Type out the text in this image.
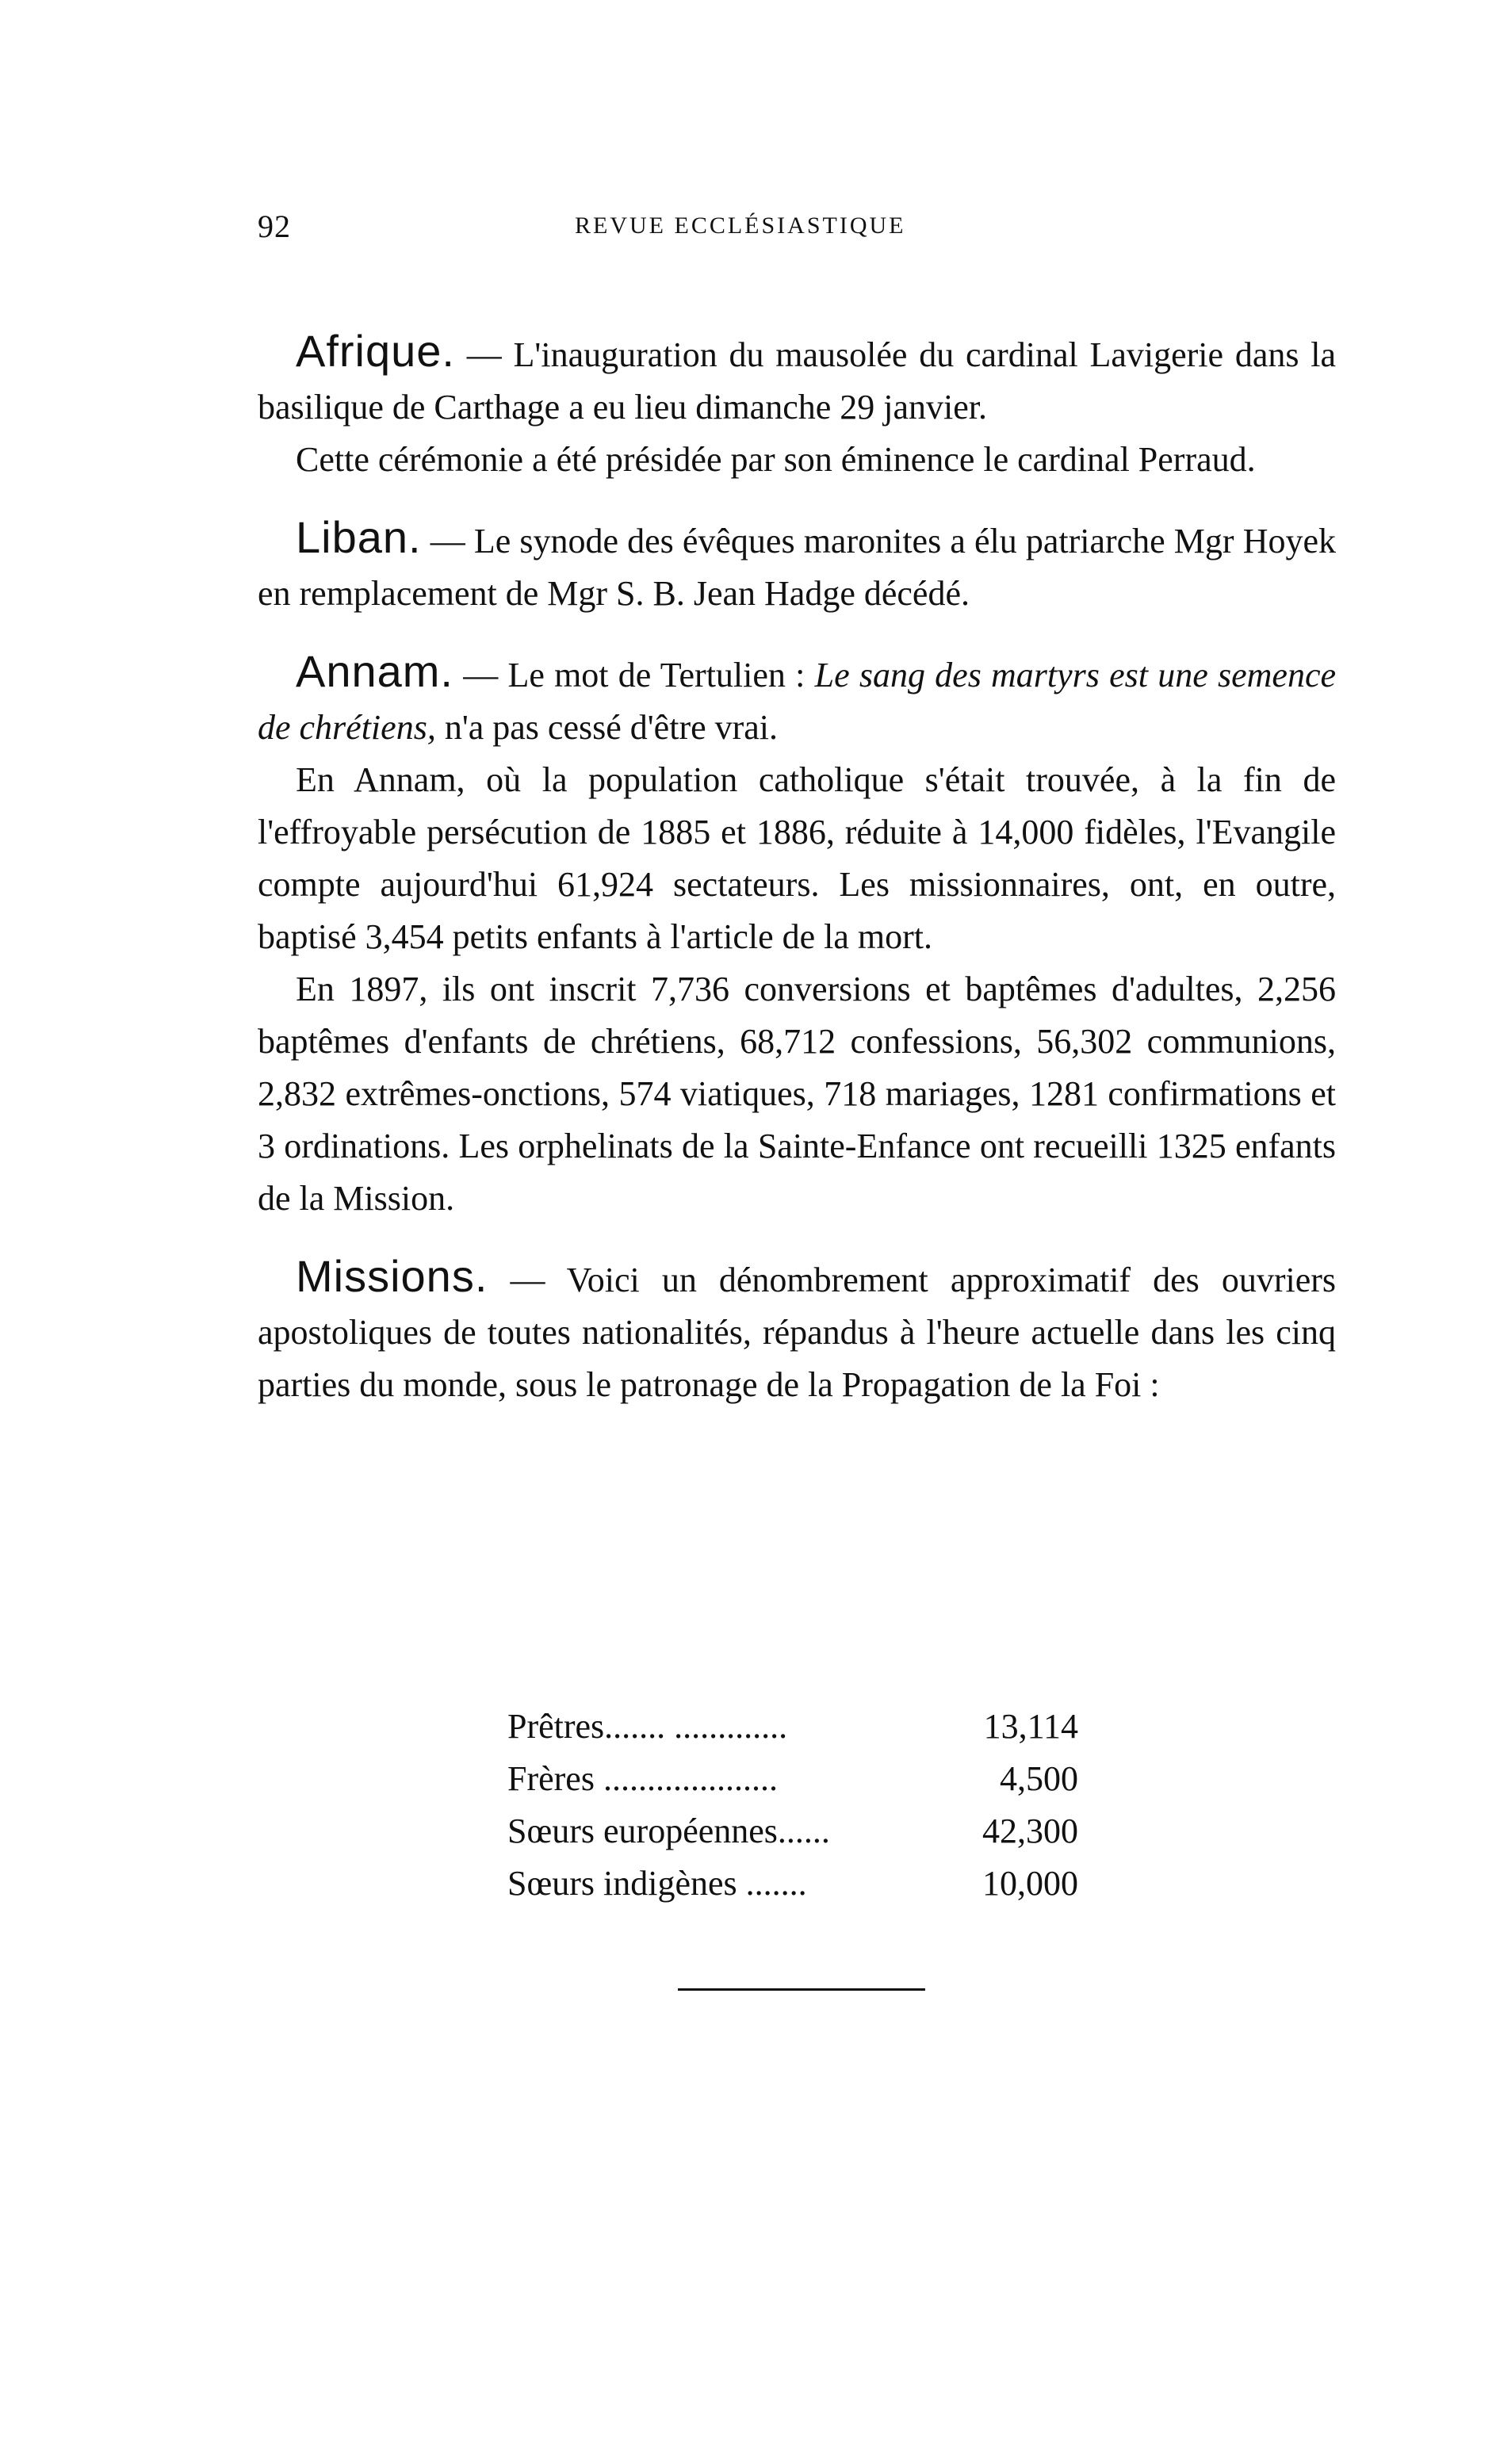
92	REVUE ECCLÉSIASTIQUE

Afrique. — L'inauguration du mausolée du cardinal Lavigerie dans la basilique de Carthage a eu lieu dimanche 29 janvier.

Cette cérémonie a été présidée par son éminence le cardinal Perraud.

Liban. — Le synode des évêques maronites a élu patriarche Mgr Hoyek en remplacement de Mgr S. B. Jean Hadge décédé.

Annam. — Le mot de Tertulien : Le sang des martyrs est une semence de chrétiens, n'a pas cessé d'être vrai.

En Annam, où la population catholique s'était trouvée, à la fin de l'effroyable persécution de 1885 et 1886, réduite à 14,000 fidèles, l'Evangile compte aujourd'hui 61,924 sectateurs. Les missionnaires, ont, en outre, baptisé 3,454 petits enfants à l'article de la mort.

En 1897, ils ont inscrit 7,736 conversions et baptêmes d'adultes, 2,256 baptêmes d'enfants de chrétiens, 68,712 confessions, 56,302 communions, 2,832 extrêmes-onctions, 574 viatiques, 718 mariages, 1281 confirmations et 3 ordinations. Les orphelinats de la Sainte-Enfance ont recueilli 1325 enfants de la Mission.

Missions. — Voici un dénombrement approximatif des ouvriers apostoliques de toutes nationalités, répandus à l'heure actuelle dans les cinq parties du monde, sous le patronage de la Propagation de la Foi :

Prêtres....... .............	13,114
Frères ....................	4,500
Sœurs européennes......	42,300
Sœurs indigènes .......	10,000
